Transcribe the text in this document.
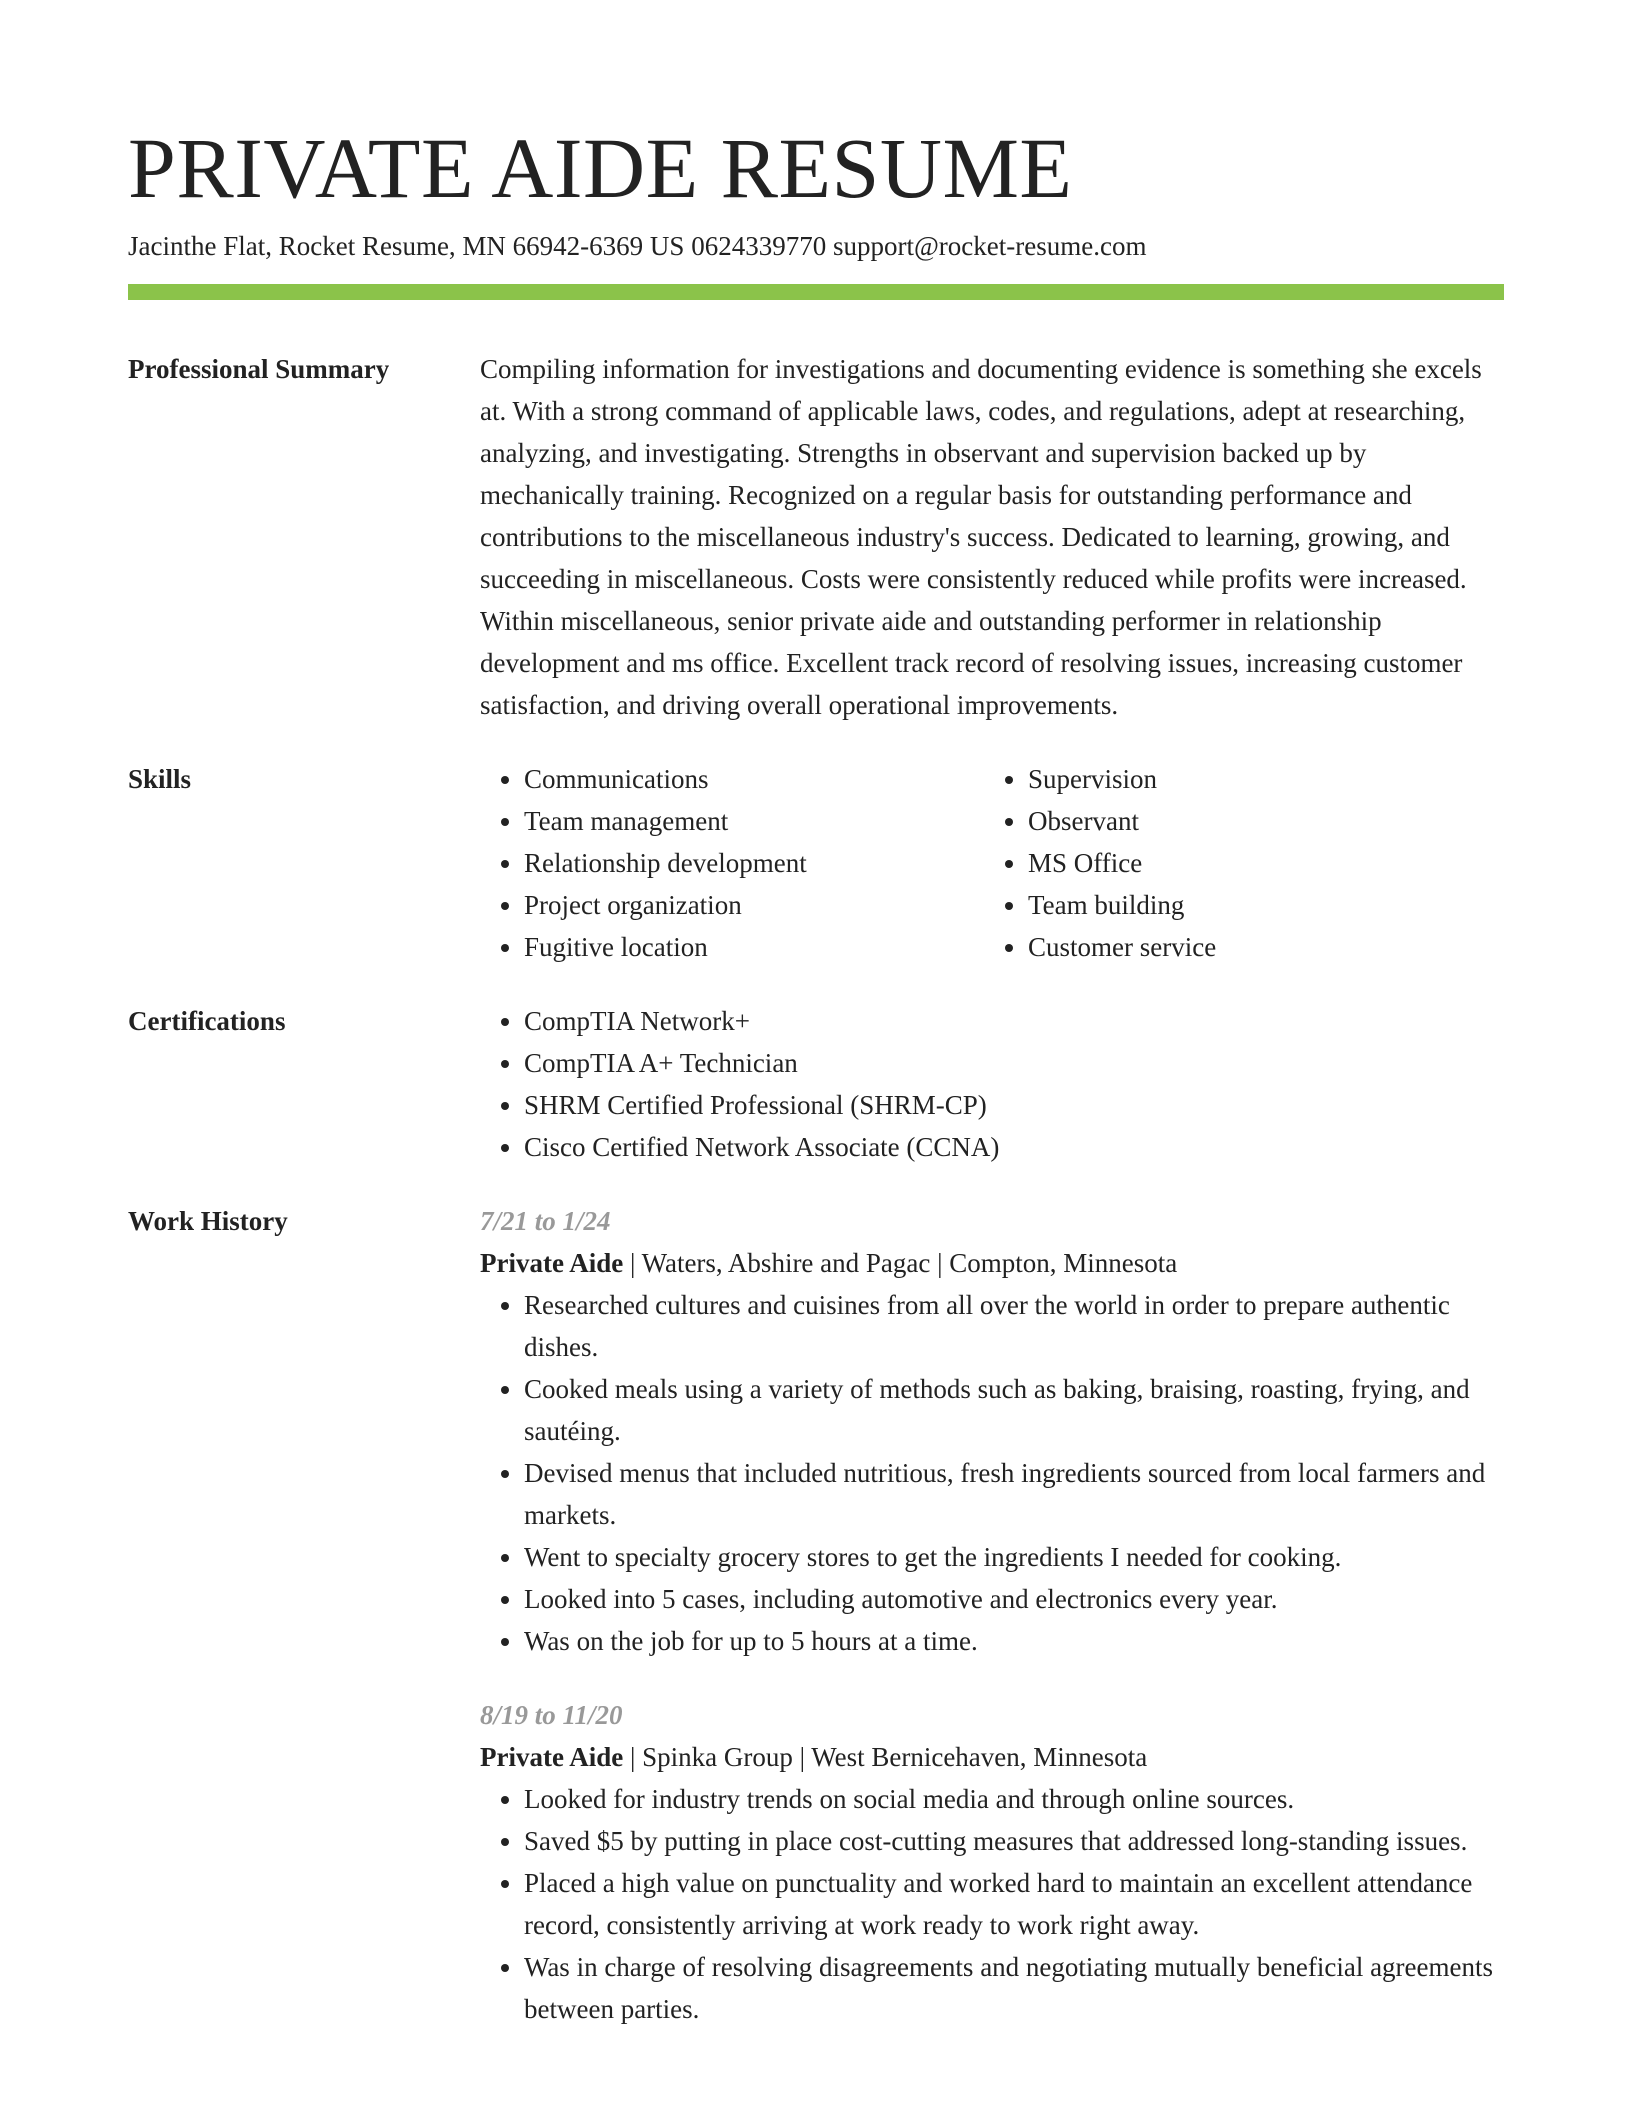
PRIVATE AIDE RESUME
Jacinthe Flat, Rocket Resume, MN 66942-6369 US 0624339770 support@rocket-resume.com
Professional Summary	Compiling information for investigations and documenting evidence is something she excels at. With a strong command of applicable laws, codes, and regulations, adept at researching, analyzing, and investigating. Strengths in observant and supervision backed up by mechanically training. Recognized on a regular basis for outstanding performance and contributions to the miscellaneous industry's success. Dedicated to learning, growing, and succeeding in miscellaneous. Costs were consistently reduced while profits were increased. Within miscellaneous, senior private aide and outstanding performer in relationship development and ms office. Excellent track record of resolving issues, increasing customer satisfaction, and driving overall operational improvements.
Skills	• Communications
• Team management
• Relationship development
• Project organization
• Fugitive location
• Supervision
• Observant
• MS Office
• Team building
• Customer service
Certifications	• CompTIA Network+
• CompTIA A+ Technician
• SHRM Certified Professional (SHRM-CP)
• Cisco Certified Network Associate (CCNA)
Work History	7/21 to 1/24
Private Aide | Waters, Abshire and Pagac | Compton, Minnesota
• Researched cultures and cuisines from all over the world in order to prepare authentic dishes.
• Cooked meals using a variety of methods such as baking, braising, roasting, frying, and sautéing.
• Devised menus that included nutritious, fresh ingredients sourced from local farmers and markets.
• Went to specialty grocery stores to get the ingredients I needed for cooking.
• Looked into 5 cases, including automotive and electronics every year.
• Was on the job for up to 5 hours at a time.
8/19 to 11/20
Private Aide | Spinka Group | West Bernicehaven, Minnesota
• Looked for industry trends on social media and through online sources.
• Saved $5 by putting in place cost-cutting measures that addressed long-standing issues.
• Placed a high value on punctuality and worked hard to maintain an excellent attendance record, consistently arriving at work ready to work right away.
• Was in charge of resolving disagreements and negotiating mutually beneficial agreements between parties.
